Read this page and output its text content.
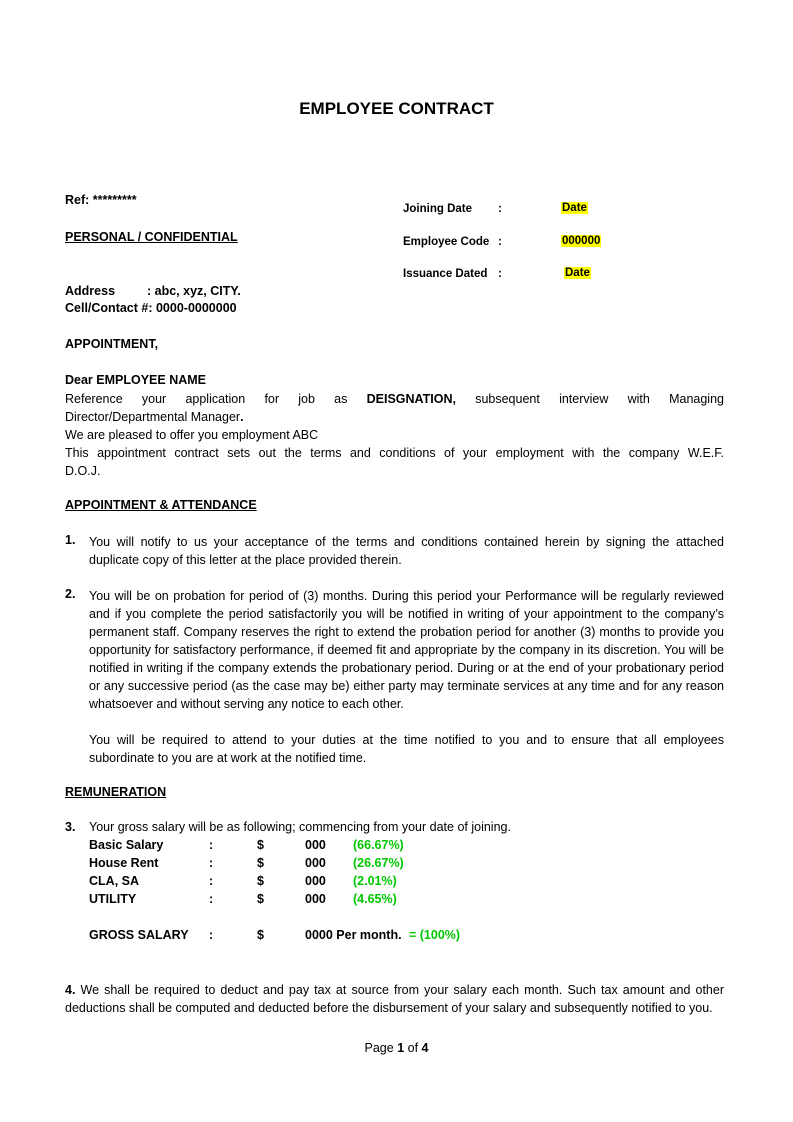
EMPLOYEE CONTRACT
Ref: *********
PERSONAL / CONFIDENTIAL
Joining Date :	Date
Employee Code :	000000
Issuance Dated :	Date
Address	: abc, xyz, CITY.
Cell/Contact #: 0000-0000000
APPOINTMENT,
Dear EMPLOYEE NAME
Reference your application for job as DEISGNATION, subsequent interview with Managing
Director/Departmental Manager.
We are pleased to offer you employment ABC
This appointment contract sets out the terms and conditions of your employment with the company W.E.F.
D.O.J.
APPOINTMENT & ATTENDANCE
1. You will notify to us your acceptance of the terms and conditions contained herein by signing the attached duplicate copy of this letter at the place provided therein.
2. You will be on probation for period of (3) months. During this period your Performance will be regularly reviewed and if you complete the period satisfactorily you will be notified in writing of your appointment to the company’s permanent staff. Company reserves the right to extend the probation period for another (3) months to provide you opportunity for satisfactory performance, if deemed fit and appropriate by the company in its discretion. You will be notified in writing if the company extends the probationary period. During or at the end of your probationary period or any successive period (as the case may be) either party may terminate services at any time and for any reason whatsoever and without serving any notice to each other.
You will be required to attend to your duties at the time notified to you and to ensure that all employees subordinate to you are at work at the notified time.
REMUNERATION
3. Your gross salary will be as following; commencing from your date of joining.
Basic Salary	:	$	000 (66.67%)
House Rent	:	$	000 (26.67%)
CLA, SA	:	$	000 (2.01%)
UTILITY	:	$	000 (4.65%)
GROSS SALARY :	$	0000 Per month. = (100%)
4. We shall be required to deduct and pay tax at source from your salary each month. Such tax amount and other deductions shall be computed and deducted before the disbursement of your salary and subsequently notified to you.
Page 1 of 4
